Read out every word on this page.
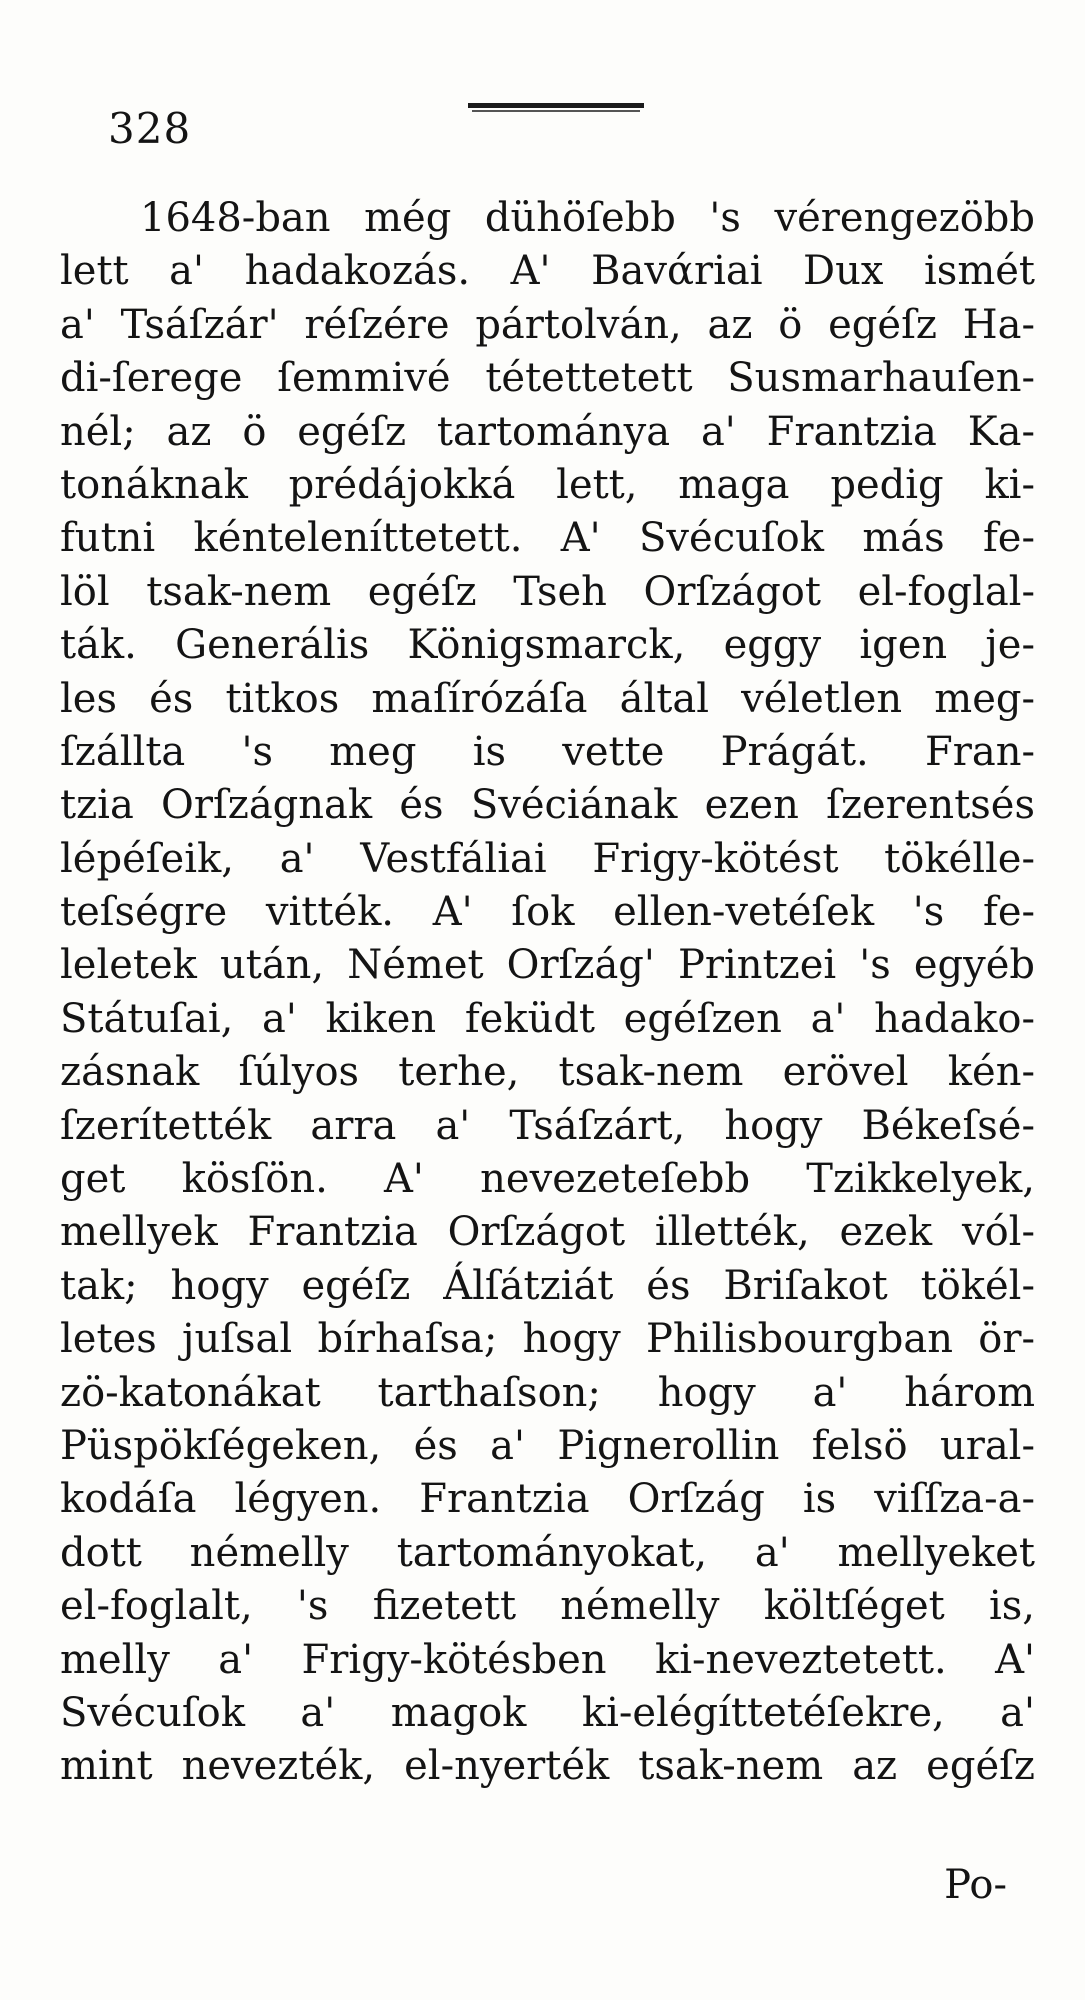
328
1648-ban még dühöſebb 's vérengezöbb
lett a' hadakozás. A' Bavάriai Dux ismét
a' Tsáſzár' réſzére pártolván, az ö egéſz Ha-
di-ſerege ſemmivé tétettetett Susmarhauſen-
nél; az ö egéſz tartománya a' Frantzia Ka-
tonáknak prédájokká lett, maga pedig ki-
futni kénteleníttetett. A' Svécuſok más fe-
löl tsak-nem egéſz Tseh Orſzágot el-foglal-
ták. Generális Königsmarck, eggy igen je-
les és titkos maſírózáſa által véletlen meg-
ſzállta 's meg is vette Prágát. Fran-
tzia Orſzágnak és Svéciának ezen ſzerentsés
lépéſeik, a' Vestfáliai Frigy-kötést tökélle-
teſségre vitték. A' ſok ellen-vetéſek 's fe-
leletek után, Német Orſzág' Printzei 's egyéb
Státuſai, a' kiken feküdt egéſzen a' hadako-
zásnak ſúlyos terhe, tsak-nem erövel kén-
ſzerítették arra a' Tsáſzárt, hogy Békeſsé-
get kösſön. A' nevezeteſebb Tzikkelyek,
mellyek Frantzia Orſzágot illették, ezek vól-
tak; hogy egéſz Álſátziát és Briſakot tökél-
letes juſsal bírhaſsa; hogy Philisbourgban ör-
zö-katonákat tarthaſson; hogy a' három
Püspökſégeken, és a' Pignerollin felsö ural-
kodáſa légyen. Frantzia Orſzág is viſſza-a-
dott némelly tartományokat, a' mellyeket
el-foglalt, 's fizetett némelly költſéget is,
melly a' Frigy-kötésben ki-neveztetett. A'
Svécuſok a' magok ki-elégíttetéſekre, a'
mint nevezték, el-nyerték tsak-nem az egéſz
Po-
